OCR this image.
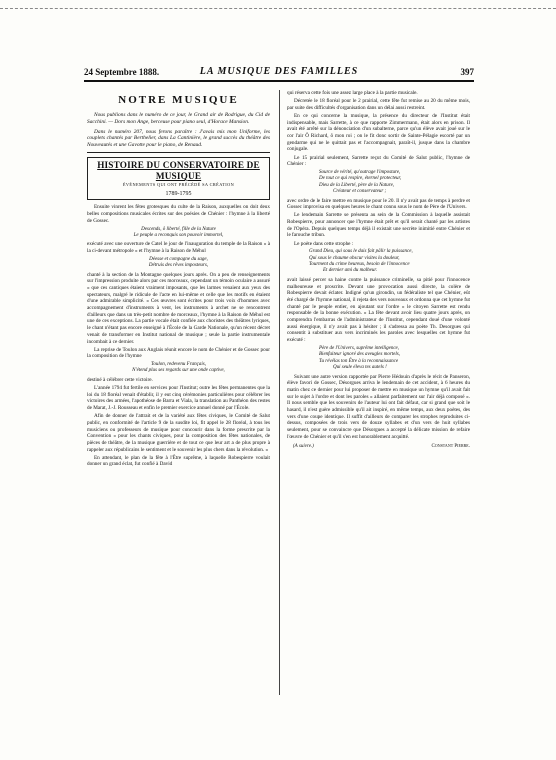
24 Septembre 1888.	LA MUSIQUE DES FAMILLES	397
NOTRE MUSIQUE

Nous publions dans le numéro de ce jour, le Grand air de Rodrigue, du Cid de Sacchini. — Dors mon Ange, berceuse pour piano seul, d'Horace Mansion.

Dans le numéro 207, nous ferons paraître : J'avais mis mon Uniforme, les couplets chantés par Berthelier, dans La Cantinière, le grand succès du théâtre des Nouveautés et une Gavotte pour le piano, de Renaud.

HISTOIRE DU CONSERVATOIRE DE MUSIQUE
ÉVÉNEMENTS QUI ONT PRÉCÉDÉ SA CRÉATION
1789-1795

Ensuite vinrent les fêtes grotesques du culte de la Raison, auxquelles on doit deux belles compositions musicales écrites sur des poésies de Chénier : l'hymne à la liberté de Gossec.

Descends, ô liberté, fille de la Nature
Le peuple a reconquis son pouvoir immortel,

exécuté avec une ouverture de Catel le jour de l'inauguration du temple de la Raison « à la ci-devant métropole » et l'hymne à la Raison de Méhul

Déesse et compagne du sage,
Détruis des rêves imposteurs,

chanté à la section de la Montagne quelques jours après. On a peu de renseignements sur l'impression produite alors par ces morceaux, cependant un témoin oculaire a assuré « que ces cantiques étaient vraiment imposants, que les larmes venaient aux yeux des spectateurs, malgré le ridicule de l'acte en lui-même et celle que les motifs en étaient d'une admirable simplicité. » Ces œuvres sont écrites pour trois voix d'hommes avec accompagnement d'instruments à vent, les instruments à archet ne se rencontrent d'ailleurs que dans un très-petit nombre de morceaux, l'hymne à la Raison de Méhul est une de ces exceptions. La partie vocale était confiée aux choristes des théâtres lyriques, le chant n'étant pas encore enseigné à l'École de la Garde Nationale, qu'un récent décret venait de transformer en Institut national de musique ; seule la partie instrumentale incombait à ce dernier.

La reprise de Toulon aux Anglais réunit encore le nom de Chénier et de Gossec pour la composition de l'hymne

Toulon, redevenu Français,
N'étend plus ses regards sur une onde captive,

destiné à célébrer cette victoire.

L'année 1794 fut fertile en services pour l'Institut; outre les fêtes permanentes que la loi du 18 floréal venait d'établir, il y eut cinq cérémonies particulières pour célébrer les victoires des armées, l'apothéose de Barra et Viala, la translation au Panthéon des restes de Marat, J.-J. Rousseau et enfin le premier exercice annuel donné par l'École.

Afin de donner de l'attrait et de la variété aux fêtes civiques, le Comité de Salut public, en conformité de l'article 9 de la susdite loi, fit appel le 28 floréal, à tous les musiciens ou professeurs de musique pour concourir dans la forme prescrite par la Convention « pour les chants civiques, pour la composition des fêtes nationales, de pièces de théâtre, de la musique guerrière et de tout ce que leur art a de plus propre à rappeler aux républicains le sentiment et le souvenir les plus chers dans la révolution. »

En attendant, le plan de la fête à l'Être suprême, à laquelle Robespierre voulait donner un grand éclat, fut confié à David

qui réserva cette fois une assez large place à la partie musicale.

Décretée le 18 floréal pour le 2 prairial, cette fête fut remise au 20 du même mois, par suite des difficultés d'organisation dans un délai aussi restreint.

En ce qui concerne la musique, la présence du directeur de l'Institut était indispensable, mais Sarrette, à ce que rapporte Zimmermann, était alors en prison. Il avait été arrêté sur la dénonciation d'un subalterne, parce qu'un élève avait joué sur le cor l'air Ô Richard, ô mon roi ; on le fit donc sortir de Sainte-Pélagie escorté par un gendarme qui ne le quittait pas et l'accompagnait, paraît-il, jusque dans la chambre conjugale.

Le 15 prairial seulement, Sarrette reçut du Comité de Salut public, l'hymne de Chénier :

Source de vérité, qu'outrage l'imposture,
De tout ce qui respire, éternel protecteur,
Dieu de la Liberté, père de la Nature,
Créateur et conservateur ;

avec ordre de le faire mettre en musique pour le 20. Il n'y avait pas de temps à perdre et Gossec improvisa en quelques heures le chant connu sous le nom de Père de l'Univers.

Le lendemain Sarrette se présenta au sein de la Commission à laquelle assistait Robespierre, pour annoncer que l'hymne était prêt et qu'il serait chanté par les artistes de l'Opéra. Depuis quelques temps déjà il existait une secrète inimitié entre Chénier et le farouche tribun.

Le poète dans cette strophe :

Grand Dieu, qui sous le dais fait pâlir la puissance,
Qui sous le chaume obscur visites la douleur,
Tourment du crime heureux, besoin de l'innocence
Et dernier ami du malheur.

avait laissé percer sa haine contre la puissance criminelle, sa pitié pour l'innocence malheureuse et proscrite. Devant une provocation aussi directe, la colère de Robespierre devait éclater. Indigné qu'un girondin, un fédéraliste tel que Chénier, eût été chargé de l'hymne national, il rejeta des vers nouveaux et ordonna que cet hymne fut chanté par le peuple entier, en ajoutant sur l'ordre « le citoyen Sarrette est rendu responsable de la bonne exécution. » La fête devant avoir lieu quatre jours après, on comprendra l'embarras de l'administrateur de l'Institut, cependant doué d'une volonté aussi énergique, il n'y avait pas à hésiter ; il s'adressa au poète Th. Desorgues qui consentit à substituer aux vers incriminés les paroles avec lesquelles cet hymne fut exécuté :

Père de l'Univers, suprême intelligence,
Bienfaiteur ignoré des aveugles mortels,
Tu révélas ton Être à la reconnaissance
Qui seule éleva tes autels !

Suivant une autre version rapportée par Pierre Hédouin d'après le récit de Panseron, élève favori de Gossec, Désorgues arriva le lendemain de cet accident, à 6 heures du matin chez ce dernier pour lui proposer de mettre en musique un hymne qu'il avait fait sur le sujet à l'ordre et dont les paroles « allaient parfaitement sur l'air déjà composé ». Il nous semble que les souvenirs de l'auteur lui ont fait défaut, car si grand que soit le hasard, il n'est guère admissible qu'il ait inspiré, en même temps, aux deux poètes, des vers d'une coupe identique. Il suffit d'ailleurs de comparer les strophes reproduites ci-dessus, composées de trois vers de douze syllabes et d'un vers de huit syllabes seulement, pour se convaincre que Désorgues a accepté la délicate mission de refaire l'œuvre de Chénier et qu'il s'en est honorablement acquitté.

(A suivre.)	Constant Pierre.
